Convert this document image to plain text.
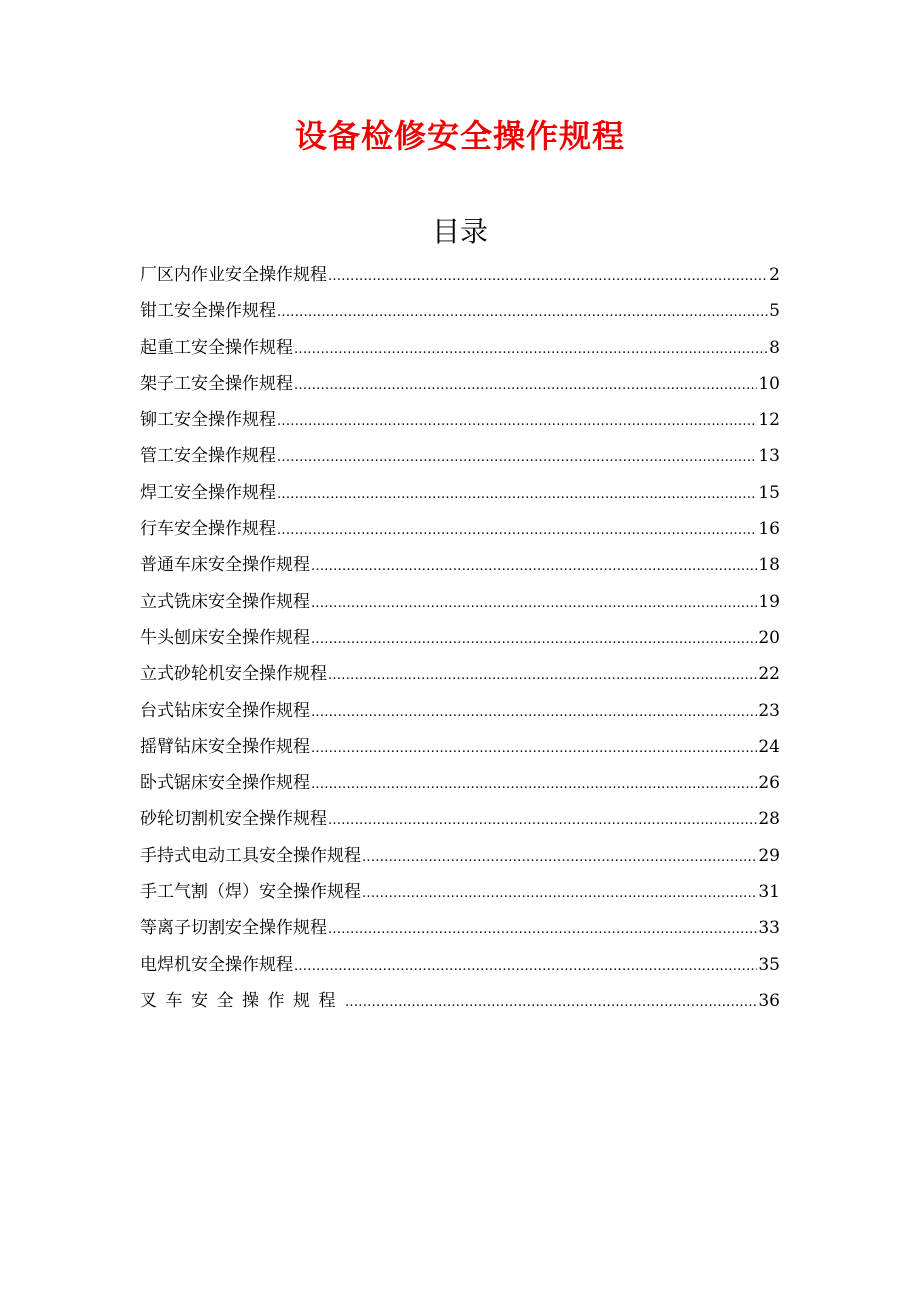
设备检修安全操作规程
目录
厂区内作业安全操作规程 .....	2
钳工安全操作规程 .....	5
起重工安全操作规程 .....	8
架子工安全操作规程 .....	10
铆工安全操作规程 .....	12
管工安全操作规程 .....	13
焊工安全操作规程 .....	15
行车安全操作规程 .....	16
普通车床安全操作规程 .....	18
立式铣床安全操作规程 .....	19
牛头刨床安全操作规程 .....	20
立式砂轮机安全操作规程 .....	22
台式钻床安全操作规程 .....	23
摇臂钻床安全操作规程 .....	24
卧式锯床安全操作规程 .....	26
砂轮切割机安全操作规程 .....	28
手持式电动工具安全操作规程 .....	29
手工气割（焊）安全操作规程 .....	31
等离子切割安全操作规程 .....	33
电焊机安全操作规程 .....	35
叉车安全操作规程 .....	36
